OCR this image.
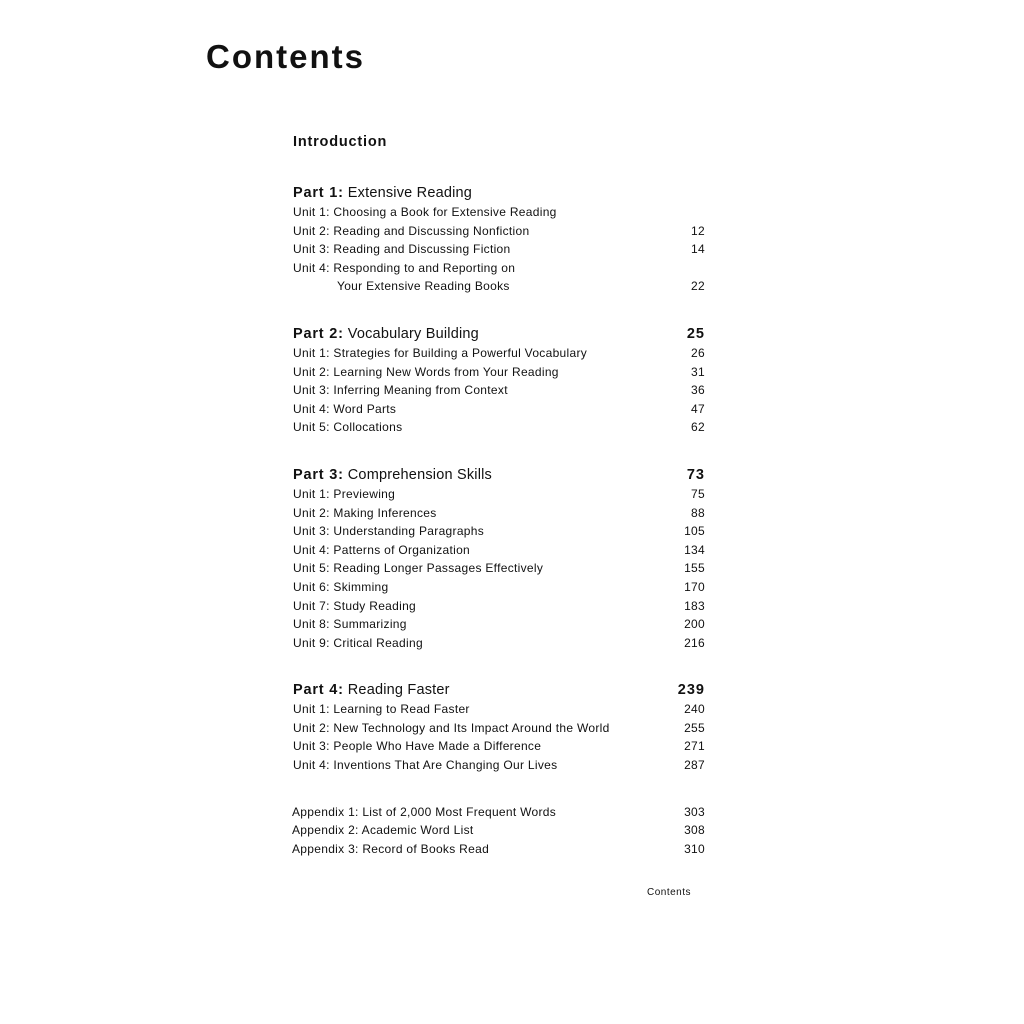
Contents
Introduction
Part 1: Extensive Reading
Unit 1: Choosing a Book for Extensive Reading
Unit 2: Reading and Discussing Nonfiction	12
Unit 3: Reading and Discussing Fiction	14
Unit 4: Responding to and Reporting on
Your Extensive Reading Books	22
Part 2: Vocabulary Building	25
Unit 1: Strategies for Building a Powerful Vocabulary	26
Unit 2: Learning New Words from Your Reading	31
Unit 3: Inferring Meaning from Context	36
Unit 4: Word Parts	47
Unit 5: Collocations	62
Part 3: Comprehension Skills	73
Unit 1: Previewing	75
Unit 2: Making Inferences	88
Unit 3: Understanding Paragraphs	105
Unit 4: Patterns of Organization	134
Unit 5: Reading Longer Passages Effectively	155
Unit 6: Skimming	170
Unit 7: Study Reading	183
Unit 8: Summarizing	200
Unit 9: Critical Reading	216
Part 4: Reading Faster	239
Unit 1: Learning to Read Faster	240
Unit 2: New Technology and Its Impact Around the World	255
Unit 3: People Who Have Made a Difference	271
Unit 4: Inventions That Are Changing Our Lives	287
Appendix 1: List of 2,000 Most Frequent Words	303
Appendix 2: Academic Word List	308
Appendix 3: Record of Books Read	310
Contents
